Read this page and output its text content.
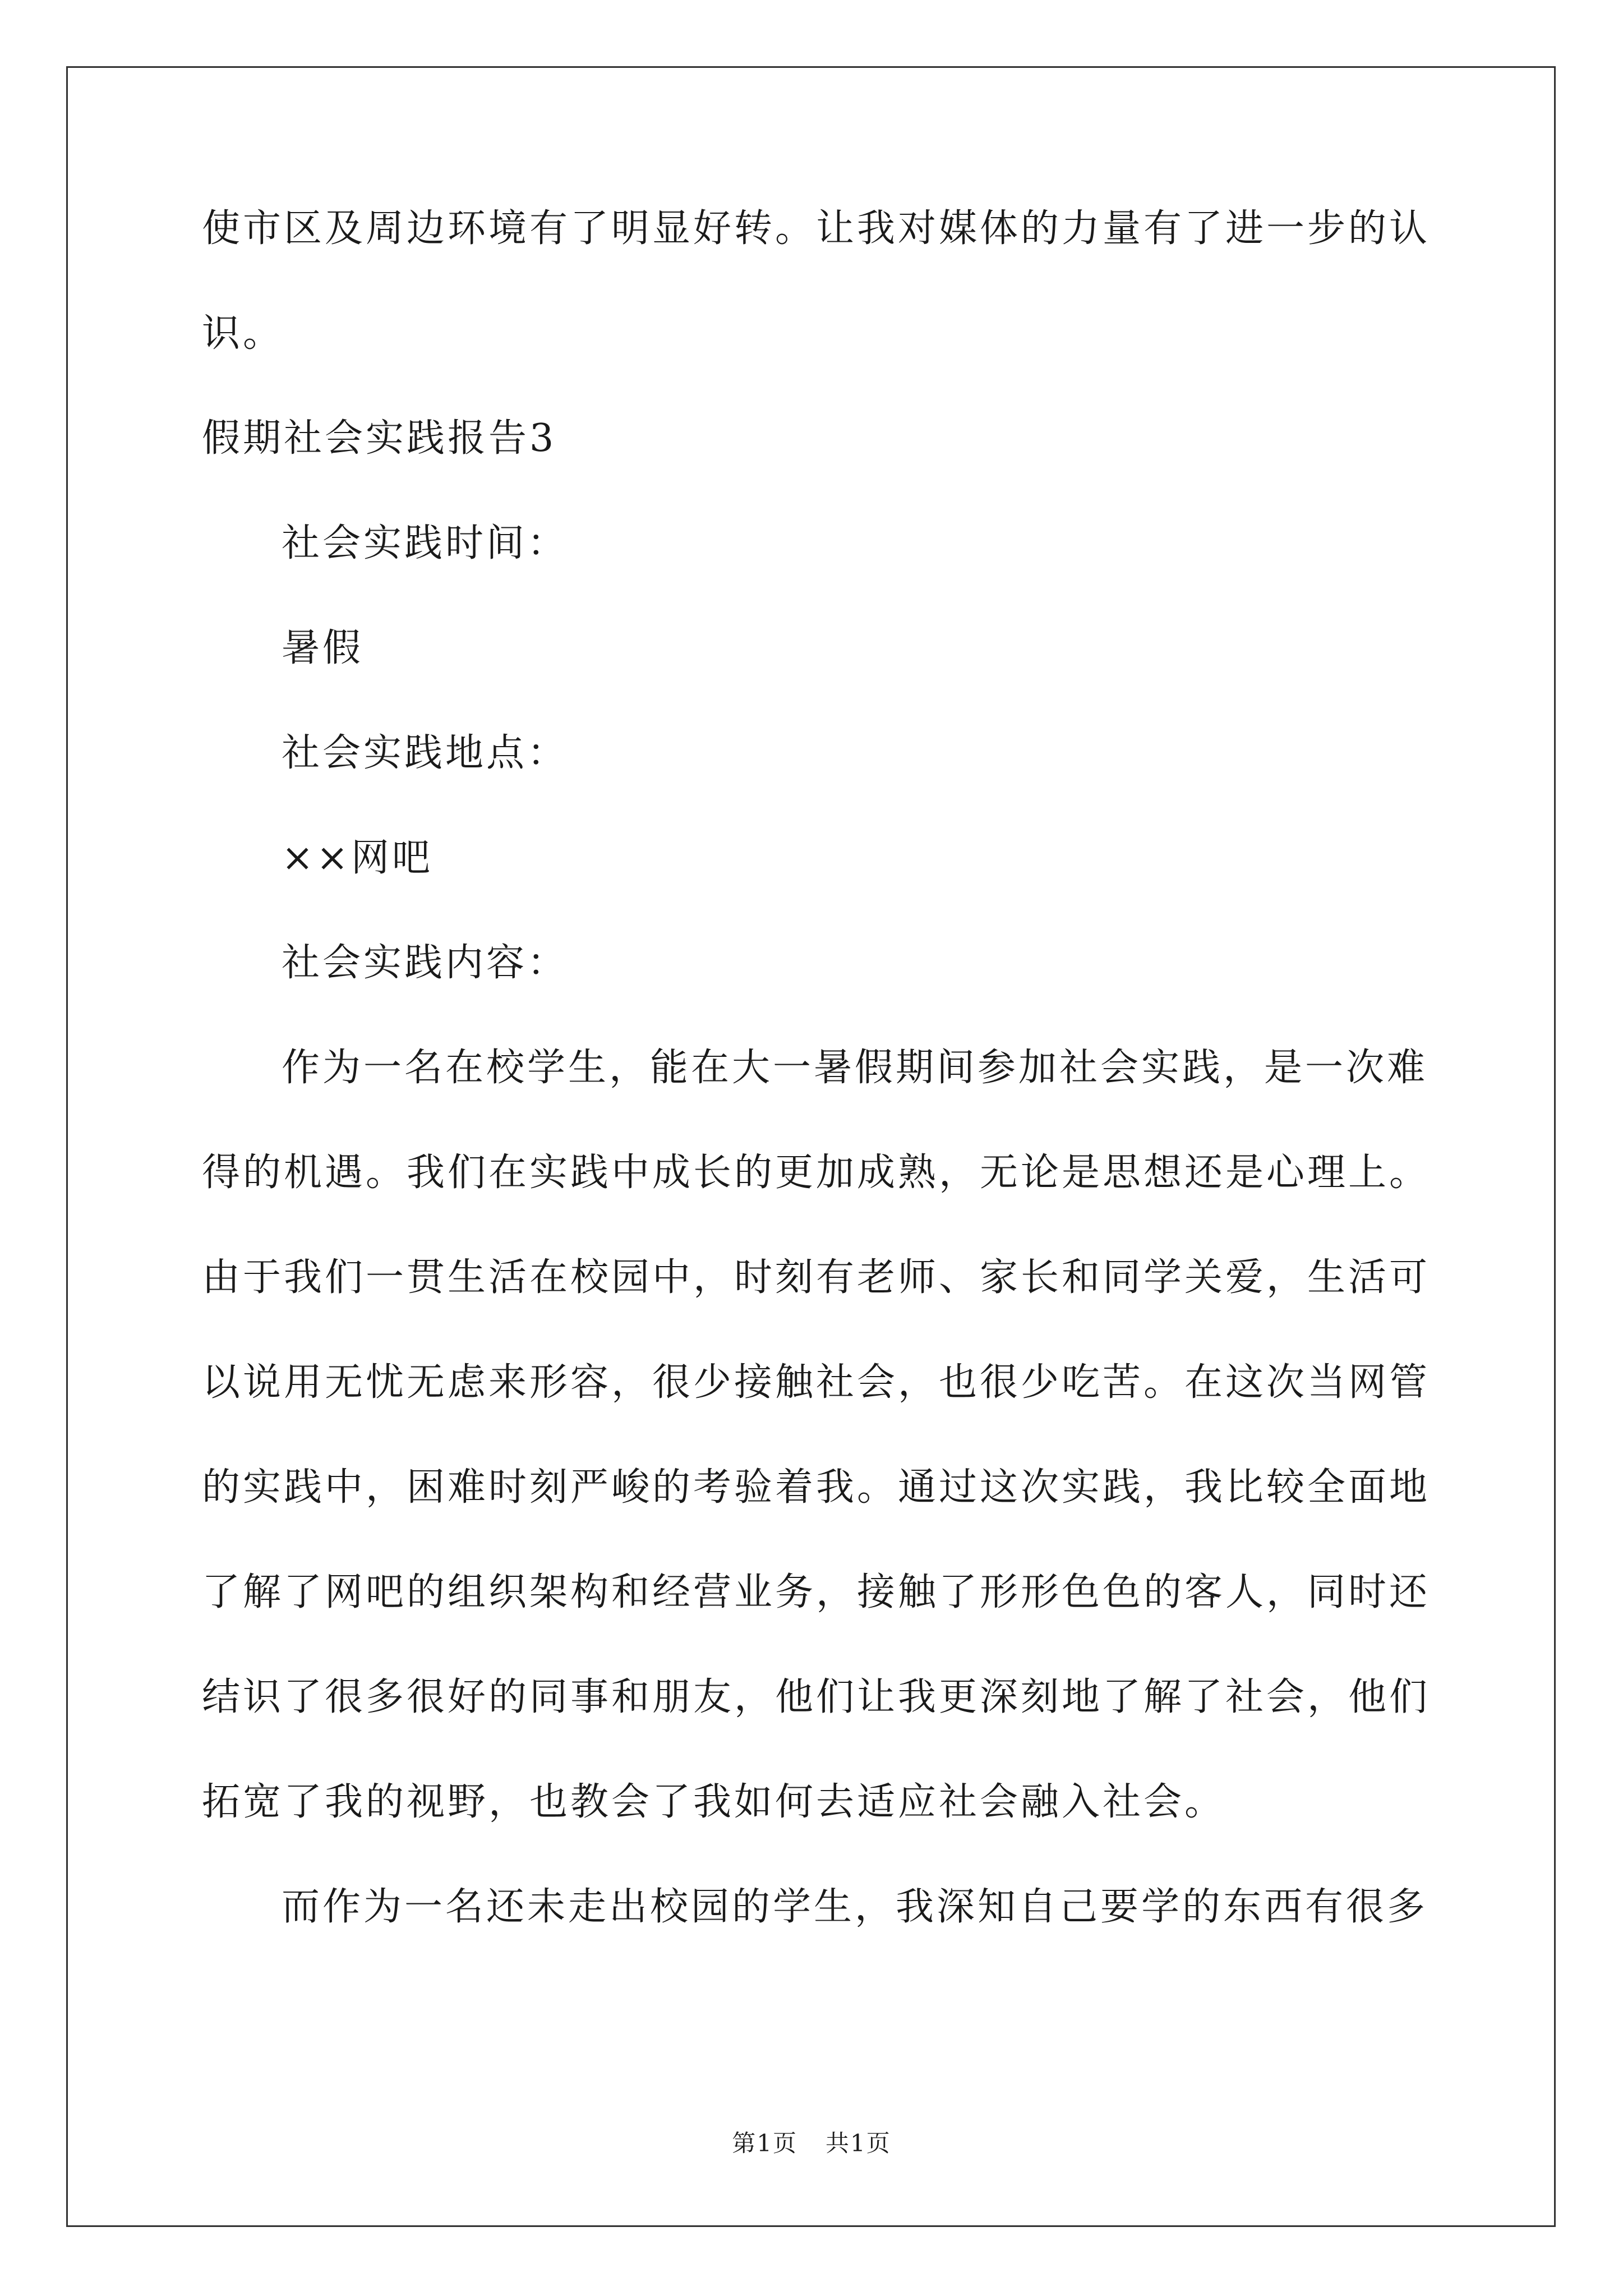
使市区及周边环境有了明显好转。让我对媒体的力量有了进一步的认

识。

假期社会实践报告3

社会实践时间：

暑假

社会实践地点：

××网吧

社会实践内容：

作为一名在校学生，能在大一暑假期间参加社会实践，是一次难

得的机遇。我们在实践中成长的更加成熟，无论是思想还是心理上。

由于我们一贯生活在校园中，时刻有老师、家长和同学关爱，生活可

以说用无忧无虑来形容，很少接触社会，也很少吃苦。在这次当网管

的实践中，困难时刻严峻的考验着我。通过这次实践，我比较全面地

了解了网吧的组织架构和经营业务，接触了形形色色的客人，同时还

结识了很多很好的同事和朋友，他们让我更深刻地了解了社会，他们

拓宽了我的视野，也教会了我如何去适应社会融入社会。

而作为一名还未走出校园的学生，我深知自己要学的东西有很多

第1页 共1页
